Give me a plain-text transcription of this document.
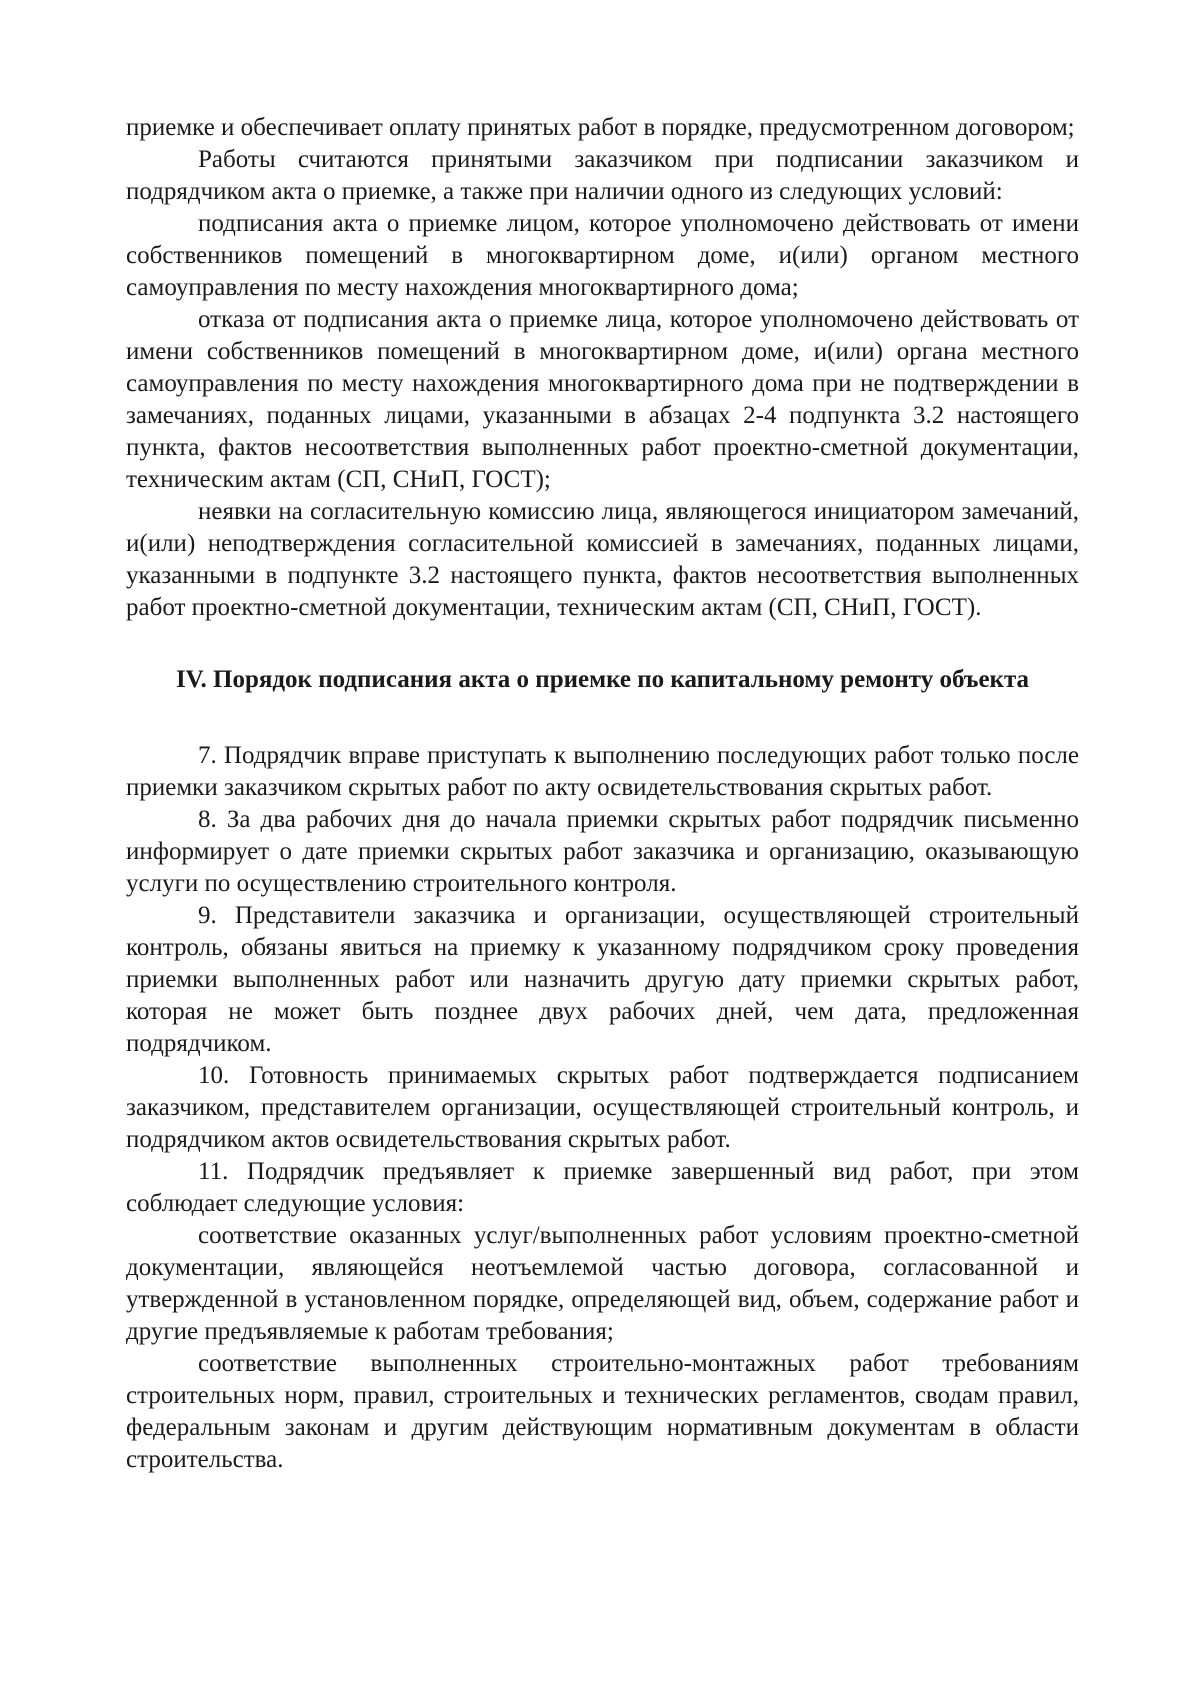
приемке и обеспечивает оплату принятых работ в порядке, предусмотренном договором;

Работы считаются принятыми заказчиком при подписании заказчиком и подрядчиком акта о приемке, а также при наличии одного из следующих условий:

подписания акта о приемке лицом, которое уполномочено действовать от имени собственников помещений в многоквартирном доме, и(или) органом местного самоуправления по месту нахождения многоквартирного дома;

отказа от подписания акта о приемке лица, которое уполномочено действовать от имени собственников помещений в многоквартирном доме, и(или) органа местного самоуправления по месту нахождения многоквартирного дома при не подтверждении в замечаниях, поданных лицами, указанными в абзацах 2-4 подпункта 3.2 настоящего пункта, фактов несоответствия выполненных работ проектно-сметной документации, техническим актам (СП, СНиП, ГОСТ);

неявки на согласительную комиссию лица, являющегося инициатором замечаний, и(или) неподтверждения согласительной комиссией в замечаниях, поданных лицами, указанными в подпункте 3.2 настоящего пункта, фактов несоответствия выполненных работ проектно-сметной документации, техническим актам (СП, СНиП, ГОСТ).

IV. Порядок подписания акта о приемке по капитальному ремонту объекта

7. Подрядчик вправе приступать к выполнению последующих работ только после приемки заказчиком скрытых работ по акту освидетельствования скрытых работ.

8. За два рабочих дня до начала приемки скрытых работ подрядчик письменно информирует о дате приемки скрытых работ заказчика и организацию, оказывающую услуги по осуществлению строительного контроля.

9. Представители заказчика и организации, осуществляющей строительный контроль, обязаны явиться на приемку к указанному подрядчиком сроку проведения приемки выполненных работ или назначить другую дату приемки скрытых работ, которая не может быть позднее двух рабочих дней, чем дата, предложенная подрядчиком.

10. Готовность принимаемых скрытых работ подтверждается подписанием заказчиком, представителем организации, осуществляющей строительный контроль, и подрядчиком актов освидетельствования скрытых работ.

11. Подрядчик предъявляет к приемке завершенный вид работ, при этом соблюдает следующие условия:

соответствие оказанных услуг/выполненных работ условиям проектно-сметной документации, являющейся неотъемлемой частью договора, согласованной и утвержденной в установленном порядке, определяющей вид, объем, содержание работ и другие предъявляемые к работам требования;

соответствие выполненных строительно-монтажных работ требованиям строительных норм, правил, строительных и технических регламентов, сводам правил, федеральным законам и другим действующим нормативным документам в области строительства.
